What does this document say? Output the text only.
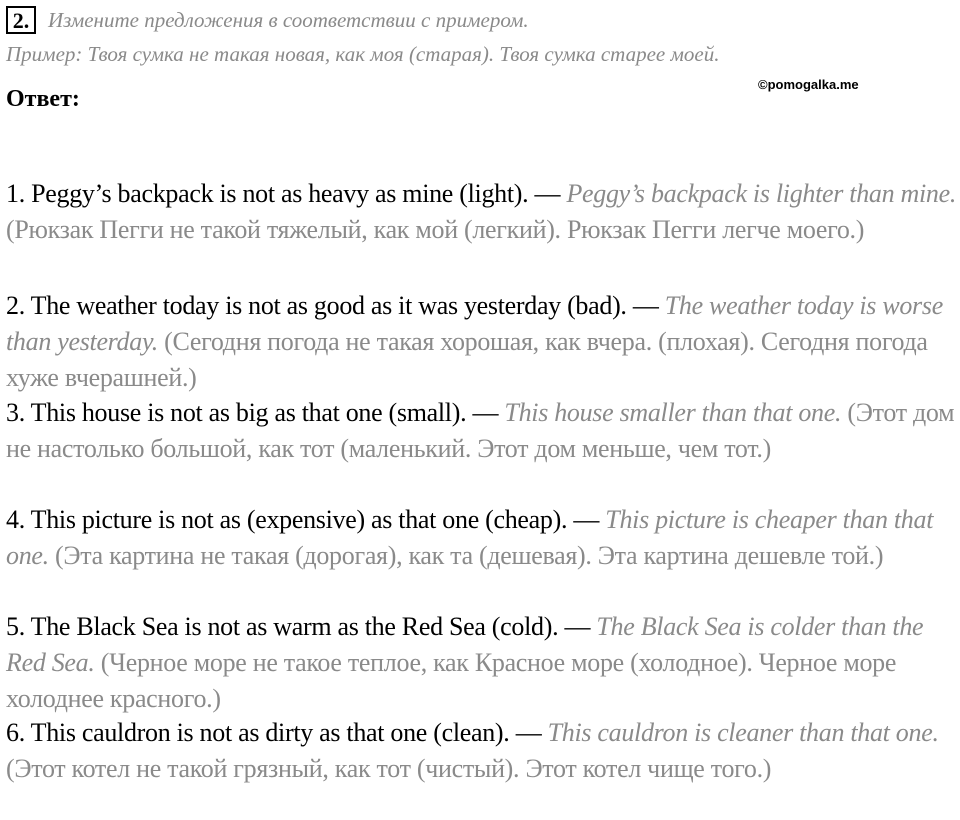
2. Измените предложения в соответствии с примером.
Пример: Твоя сумка не такая новая, как моя (старая). Твоя сумка старее моей.
Ответ:
©pomogalka.me

1. Peggy’s backpack is not as heavy as mine (light). — Peggy’s backpack is lighter than mine. (Рюкзак Пегги не такой тяжелый, как мой (легкий). Рюкзак Пегги легче моего.)

2. The weather today is not as good as it was yesterday (bad). — The weather today is worse than yesterday. (Сегодня погода не такая хорошая, как вчера. (плохая). Сегодня погода хуже вчерашней.)

3. This house is not as big as that one (small). — This house smaller than that one. (Этот дом не настолько большой, как тот (маленький. Этот дом меньше, чем тот.)

4. This picture is not as (expensive) as that one (cheap). — This picture is cheaper than that one. (Эта картина не такая (дорогая), как та (дешевая). Эта картина дешевле той.)

5. The Black Sea is not as warm as the Red Sea (cold). — The Black Sea is colder than the Red Sea. (Черное море не такое теплое, как Красное море (холодное). Черное море холоднее красного.)

6. This cauldron is not as dirty as that one (clean). — This cauldron is cleaner than that one. (Этот котел не такой грязный, как тот (чистый). Этот котел чище того.)
